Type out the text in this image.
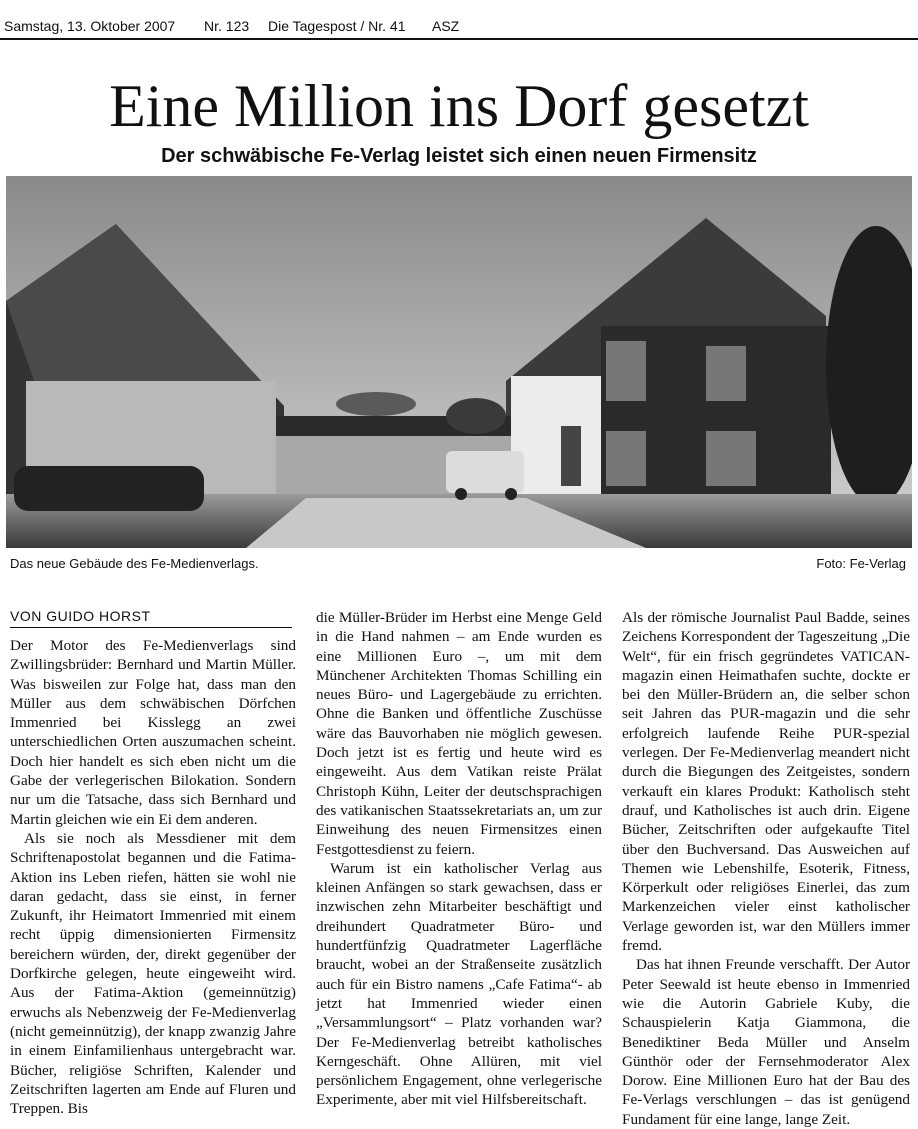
Samstag, 13. Oktober 2007 Nr. 123 Die Tagespost / Nr. 41 ASZ
Eine Million ins Dorf gesetzt
Der schwäbische Fe-Verlag leistet sich einen neuen Firmensitz
Das neue Gebäude des Fe-Medienverlags.	Foto: Fe-Verlag
VON GUIDO HORST

Der Motor des Fe-Medienverlags sind Zwillingsbrüder: Bernhard und Martin Müller. Was bisweilen zur Folge hat, dass man den Müller aus dem schwäbischen Dörfchen Immenried bei Kisslegg an zwei unterschiedlichen Orten auszumachen scheint. Doch hier handelt es sich eben nicht um die Gabe der verlegerischen Bilokation. Sondern nur um die Tatsache, dass sich Bernhard und Martin gleichen wie ein Ei dem anderen.

Als sie noch als Messdiener mit dem Schriftenapostolat begannen und die Fatima-Aktion ins Leben riefen, hätten sie wohl nie daran gedacht, dass sie einst, in ferner Zukunft, ihr Heimatort Immenried mit einem recht üppig dimensionierten Firmensitz bereichern würden, der, direkt gegenüber der Dorfkirche gelegen, heute eingeweiht wird. Aus der Fatima-Aktion (gemeinnützig) erwuchs als Nebenzweig der Fe-Medienverlag (nicht gemeinnützig), der knapp zwanzig Jahre in einem Einfamilienhaus untergebracht war. Bücher, religiöse Schriften, Kalender und Zeitschriften lagerten am Ende auf Fluren und Treppen. Bis

die Müller-Brüder im Herbst eine Menge Geld in die Hand nahmen – am Ende wurden es eine Millionen Euro –, um mit dem Münchener Architekten Thomas Schilling ein neues Büro- und Lagergebäude zu errichten. Ohne die Banken und öffentliche Zuschüsse wäre das Bauvorhaben nie möglich gewesen. Doch jetzt ist es fertig und heute wird es eingeweiht. Aus dem Vatikan reiste Prälat Christoph Kühn, Leiter der deutschsprachigen des vatikanischen Staatssekretariats an, um zur Einweihung des neuen Firmensitzes einen Festgottesdienst zu feiern.

Warum ist ein katholischer Verlag aus kleinen Anfängen so stark gewachsen, dass er inzwischen zehn Mitarbeiter beschäftigt und dreihundert Quadratmeter Büro- und hundertfünfzig Quadratmeter Lagerfläche braucht, wobei an der Straßenseite zusätzlich auch für ein Bistro namens „Cafe Fatima“- ab jetzt hat Immenried wieder einen „Versammlungsort“ – Platz vorhanden war? Der Fe-Medienverlag betreibt katholisches Kerngeschäft. Ohne Allüren, mit viel persönlichem Engagement, ohne verlegerische Experimente, aber mit viel Hilfsbereitschaft.

Als der römische Journalist Paul Badde, seines Zeichens Korrespondent der Tageszeitung „Die Welt“, für ein frisch gegründetes VATICAN-magazin einen Heimathafen suchte, dockte er bei den Müller-Brüdern an, die selber schon seit Jahren das PUR-magazin und die sehr erfolgreich laufende Reihe PUR-spezial verlegen. Der Fe-Medienverlag meandert nicht durch die Biegungen des Zeitgeistes, sondern verkauft ein klares Produkt: Katholisch steht drauf, und Katholisches ist auch drin. Eigene Bücher, Zeitschriften oder aufgekaufte Titel über den Buchversand. Das Ausweichen auf Themen wie Lebenshilfe, Esoterik, Fitness, Körperkult oder religiöses Einerlei, das zum Markenzeichen vieler einst katholischer Verlage geworden ist, war den Müllers immer fremd.

Das hat ihnen Freunde verschafft. Der Autor Peter Seewald ist heute ebenso in Immenried wie die Autorin Gabriele Kuby, die Schauspielerin Katja Giammona, die Benediktiner Beda Müller und Anselm Günthör oder der Fernsehmoderator Alex Dorow. Eine Millionen Euro hat der Bau des Fe-Verlags verschlungen – das ist genügend Fundament für eine lange, lange Zeit.
